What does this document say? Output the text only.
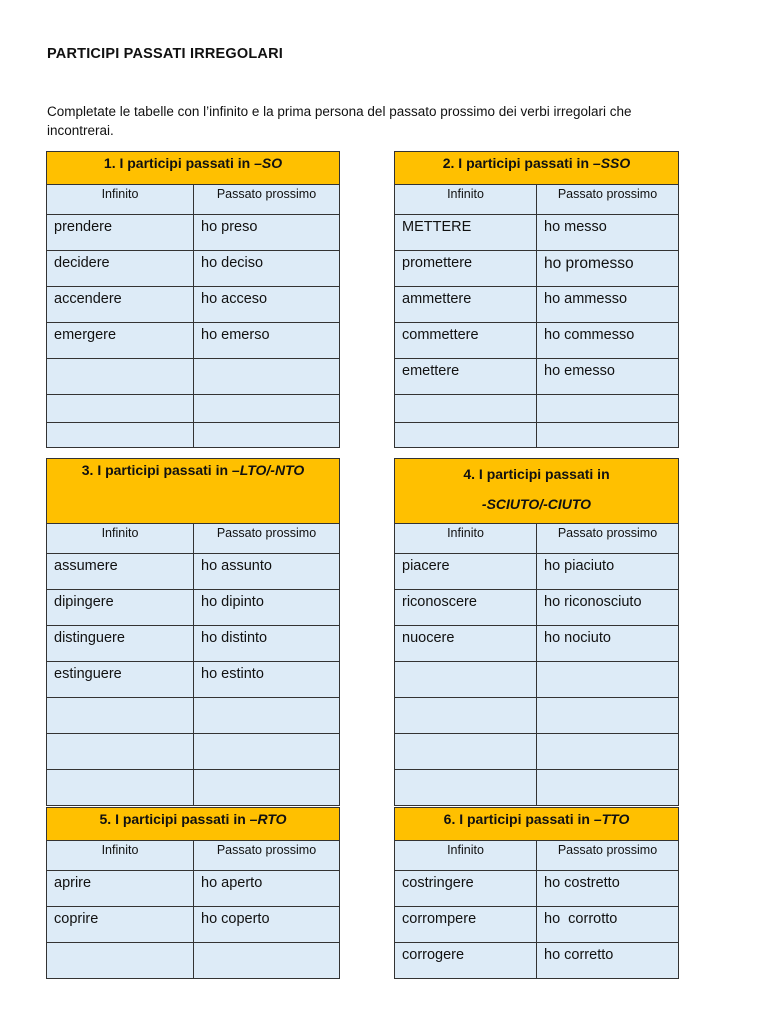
PARTICIPI PASSATI IRREGOLARI
Completate le tabelle con l’infinito e la prima persona del passato prossimo dei verbi irregolari che incontrerai.
1. I participi passati in –SO	
Infinito	Passato prossimo
prendere	ho preso
decidere	ho deciso
accendere	ho acceso
emergere	ho emerso

2. I participi passati in –SSO	
Infinito	Passato prossimo
METTERE	ho messo
promettere	ho promesso
ammettere	ho ammesso
commettere	ho commesso
emettere	ho emesso

3. I participi passati in –LTO/-NTO	
Infinito	Passato prossimo
assumere	ho assunto
dipingere	ho dipinto
distinguere	ho distinto
estinguere	ho estinto

4. I participi passati in
-SCIUTO/-CIUTO	

Infinito	Passato prossimo
piacere	ho piaciuto
riconoscere	ho riconosciuto
nuocere	ho nociuto

5. I participi passati in –RTO	
Infinito	Passato prossimo
aprire	ho aperto
coprire	ho coperto

6. I participi passati in –TTO	
Infinito	Passato prossimo
costringere	ho costretto
corrompere	ho  corrotto
corrogere	ho corretto
